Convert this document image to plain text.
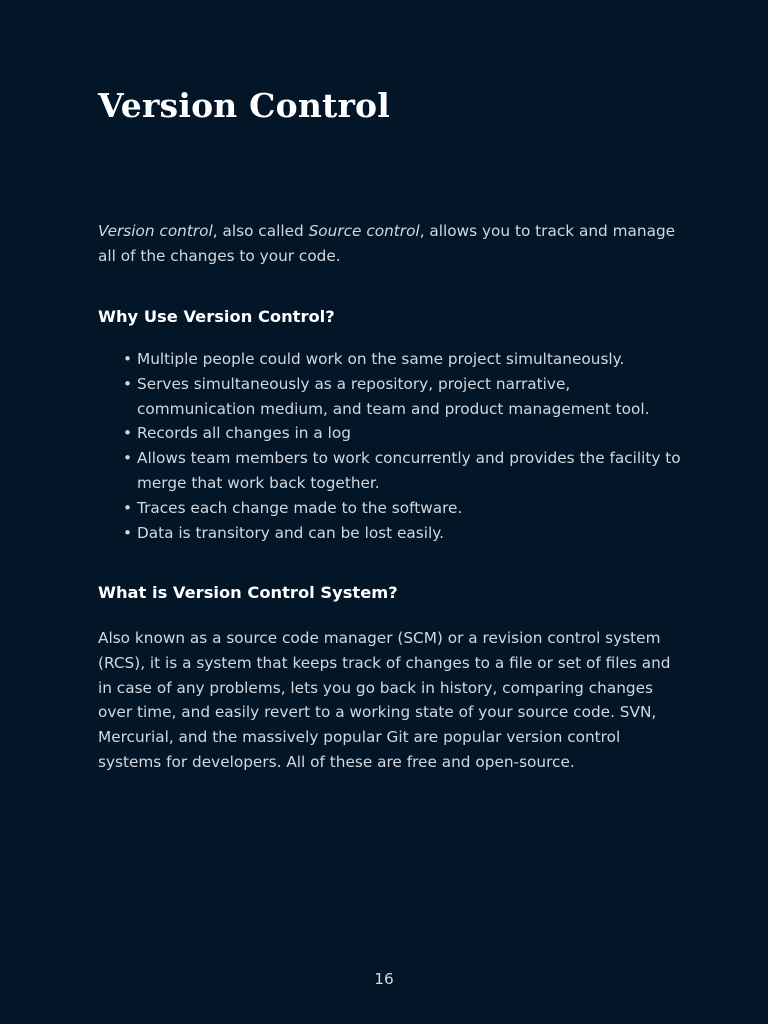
Version Control

Version control, also called Source control, allows you to track and manage all of the changes to your code.

Why Use Version Control?
• Multiple people could work on the same project simultaneously.
• Serves simultaneously as a repository, project narrative, communication medium, and team and product management tool.
• Records all changes in a log
• Allows team members to work concurrently and provides the facility to merge that work back together.
• Traces each change made to the software.
• Data is transitory and can be lost easily.
What is Version Control System?

Also known as a source code manager (SCM) or a revision control system (RCS), it is a system that keeps track of changes to a file or set of files and in case of any problems, lets you go back in history, comparing changes over time, and easily revert to a working state of your source code. SVN, Mercurial, and the massively popular Git are popular version control systems for developers. All of these are free and open-source.

16
